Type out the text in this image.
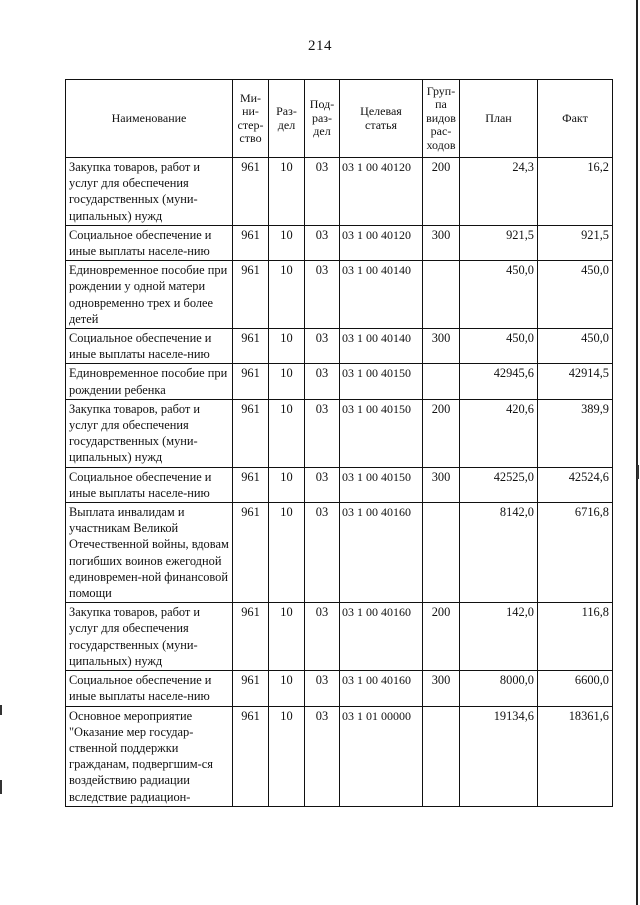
214
Наименование	Ми-
ни-
стер-
ство	Раз-
дел	Под-
раз-
дел	Целевая
статья	Груп-
па
видов
рас-
ходов	План	Факт
Закупка товаров, работ и услуг для обеспечения государственных (муни-ципальных) нужд	961	10	03	03 1 00 40120	200	24,3	16,2
Социальное обеспечение и иные выплаты населе-нию	961	10	03	03 1 00 40120	300	921,5	921,5
Единовременное пособие при рождении у одной матери одновременно трех и более детей	961	10	03	03 1 00 40140		450,0	450,0
Социальное обеспечение и иные выплаты населе-нию	961	10	03	03 1 00 40140	300	450,0	450,0
Единовременное пособие при рождении ребенка	961	10	03	03 1 00 40150		42945,6	42914,5
Закупка товаров, работ и услуг для обеспечения государственных (муни-ципальных) нужд	961	10	03	03 1 00 40150	200	420,6	389,9
Социальное обеспечение и иные выплаты населе-нию	961	10	03	03 1 00 40150	300	42525,0	42524,6
Выплата инвалидам и участникам Великой Отечественной войны, вдовам погибших воинов ежегодной единовремен-ной финансовой помощи	961	10	03	03 1 00 40160		8142,0	6716,8
Закупка товаров, работ и услуг для обеспечения государственных (муни-ципальных) нужд	961	10	03	03 1 00 40160	200	142,0	116,8
Социальное обеспечение и иные выплаты населе-нию	961	10	03	03 1 00 40160	300	8000,0	6600,0
Основное мероприятие "Оказание мер государ-ственной поддержки гражданам, подвергшим-ся воздействию радиации вследствие радиацион-	961	10	03	03 1 01 00000		19134,6	18361,6
